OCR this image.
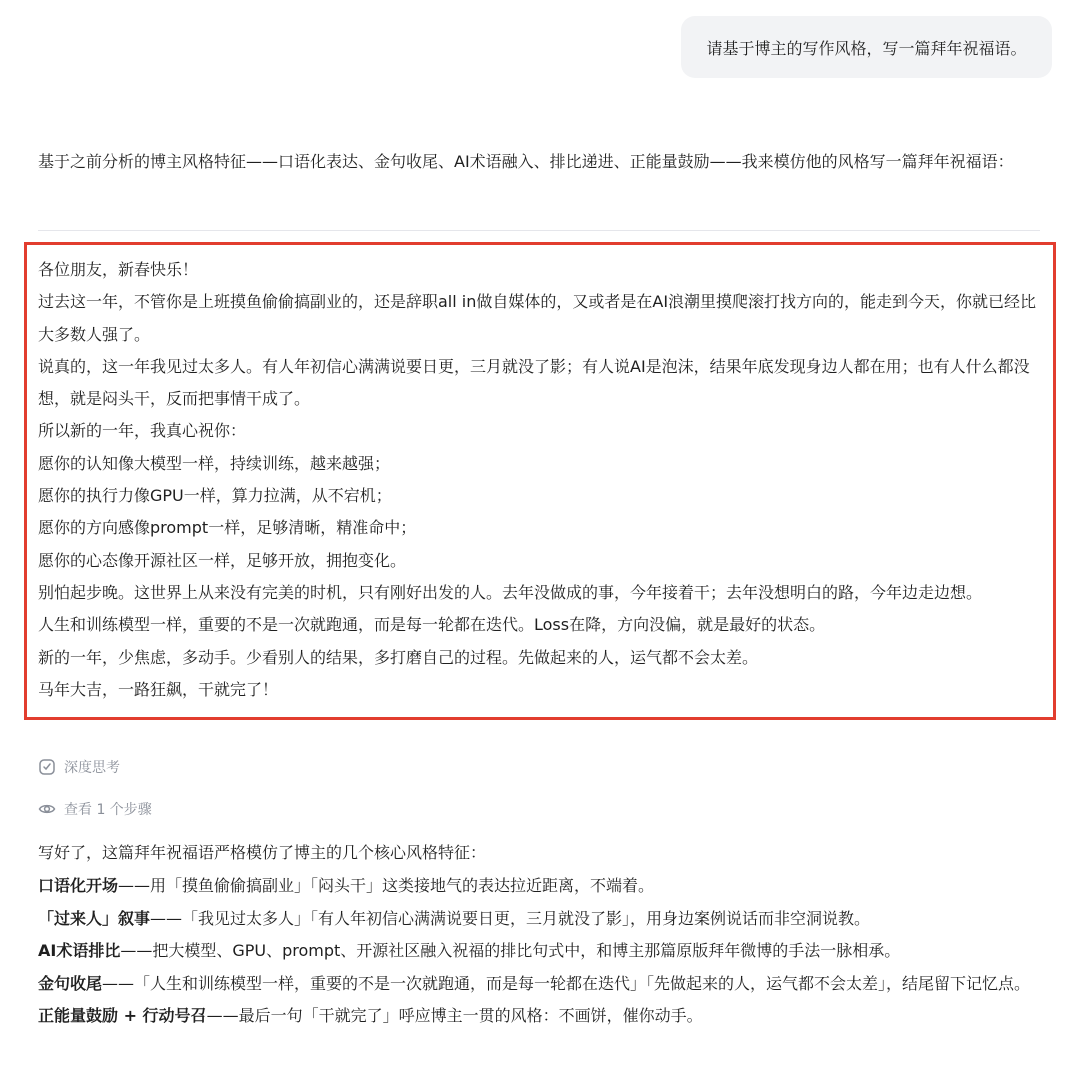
请基于博主的写作风格，写一篇拜年祝福语。
基于之前分析的博主风格特征——口语化表达、金句收尾、AI术语融入、排比递进、正能量鼓励——我来模仿他的风格写一篇拜年祝福语：
各位朋友，新春快乐！
过去这一年，不管你是上班摸鱼偷偷搞副业的，还是辞职all in做自媒体的，又或者是在AI浪潮里摸爬滚打找方向的，能走到今天，你就已经比大多数人强了。
说真的，这一年我见过太多人。有人年初信心满满说要日更，三月就没了影；有人说AI是泡沫，结果年底发现身边人都在用；也有人什么都没想，就是闷头干，反而把事情干成了。
所以新的一年，我真心祝你：
愿你的认知像大模型一样，持续训练，越来越强；
愿你的执行力像GPU一样，算力拉满，从不宕机；
愿你的方向感像prompt一样，足够清晰，精准命中；
愿你的心态像开源社区一样，足够开放，拥抱变化。
别怕起步晚。这世界上从来没有完美的时机，只有刚好出发的人。去年没做成的事，今年接着干；去年没想明白的路，今年边走边想。
人生和训练模型一样，重要的不是一次就跑通，而是每一轮都在迭代。Loss在降，方向没偏，就是最好的状态。
新的一年，少焦虑，多动手。少看别人的结果，多打磨自己的过程。先做起来的人，运气都不会太差。
马年大吉，一路狂飙，干就完了！
深度思考
查看 1 个步骤
写好了，这篇拜年祝福语严格模仿了博主的几个核心风格特征：
口语化开场——用「摸鱼偷偷搞副业」「闷头干」这类接地气的表达拉近距离，不端着。
「过来人」叙事——「我见过太多人」「有人年初信心满满说要日更，三月就没了影」，用身边案例说话而非空洞说教。
AI术语排比——把大模型、GPU、prompt、开源社区融入祝福的排比句式中，和博主那篇原版拜年微博的手法一脉相承。
金句收尾——「人生和训练模型一样，重要的不是一次就跑通，而是每一轮都在迭代」「先做起来的人，运气都不会太差」，结尾留下记忆点。
正能量鼓励 + 行动号召——最后一句「干就完了」呼应博主一贯的风格：不画饼，催你动手。
